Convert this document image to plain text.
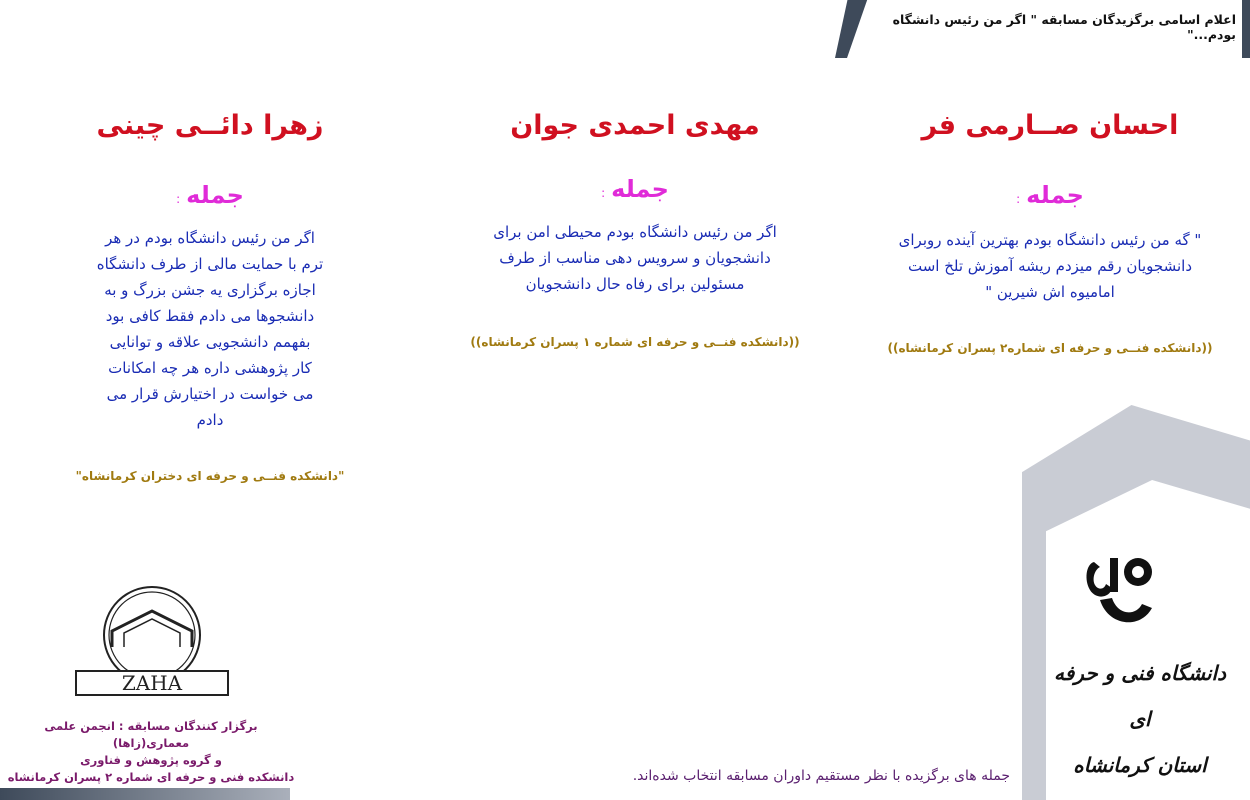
اعلام اسامی برگزیدگان مسابقه " اگر من رئیس دانشگاه بودم..."
احسان صــارمی فر
جمله:
" گه من رئیس دانشگاه بودم بهترین آینده روبرای
دانشجویان رقم میزدم ریشه آموزش تلخ است
امامیوه اش شیرین "
((دانشکده فنــی و حرفه ای شماره۲ پسران کرمانشاه))
مهدی احمدی جوان
جمله:
اگر من رئیس دانشگاه بودم محیطی امن برای
دانشجویان و سرویس دهی مناسب از طرف
مسئولین برای رفاه حال دانشجویان
((دانشکده فنــی و حرفه ای شماره ۱ پسران کرمانشاه))
زهرا دائــی چینی
جمله:
اگر من رئیس دانشگاه بودم در هر
ترم با حمایت مالی از طرف دانشگاه
اجازه برگزاری یه جشن بزرگ و به
دانشجوها می دادم فقط کافی بود
بفهمم دانشجویی علاقه و توانایی
کار پژوهشی داره هر چه امکانات
می خواست در اختیارش قرار می
دادم
"دانشکده فنــی و حرفه ای دختران کرمانشاه"
دانشگاه فنی و حرفه ای
استان کرمانشاه
ZAHA
برگزار کنندگان مسابقه : انجمن علمی معماری(زاها)
و گروه پژوهش و فناوری
دانشکده فنی و حرفه ای شماره ۲ پسران کرمانشاه	جمله های برگزیده با نظر مستقیم داوران مسابقه انتخاب شده‌اند.
